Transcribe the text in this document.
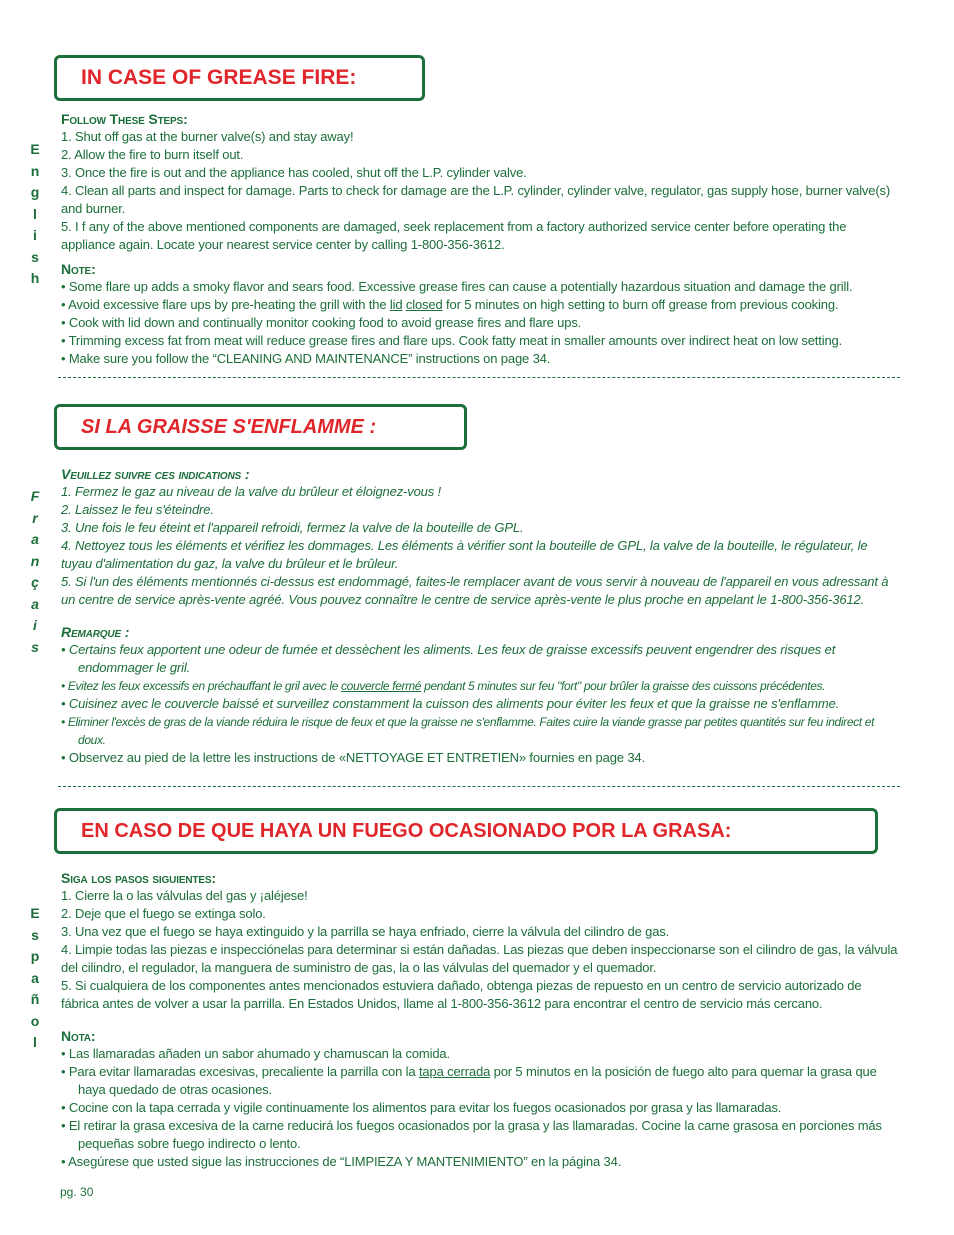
IN CASE OF GREASE FIRE:
E
n
g
l
i
s
h

Follow These Steps:

1. Shut off gas at the burner valve(s) and stay away!

2. Allow the fire to burn itself out.

3. Once the fire is out and the appliance has cooled, shut off the L.P. cylinder valve.

4. Clean all parts and inspect for damage. Parts to check for damage are the L.P. cylinder, cylinder valve, regulator, gas supply hose, burner valve(s) and burner.

5. I f any of the above mentioned components are damaged, seek replacement from a factory authorized service center before operating the appliance again. Locate your nearest service center by calling 1-800-356-3612.

Note:

• Some flare up adds a smoky flavor and sears food. Excessive grease fires can cause a potentially hazardous situation and damage the grill.

• Avoid excessive flare ups by pre-heating the grill with the lid closed for 5 minutes on high setting to burn off grease from previous cooking.

• Cook with lid down and continually monitor cooking food to avoid grease fires and flare ups.

• Trimming excess fat from meat will reduce grease fires and flare ups. Cook fatty meat in smaller amounts over indirect heat on low setting.

• Make sure you follow the “CLEANING AND MAINTENANCE” instructions on page 34.

SI LA GRAISSE S'ENFLAMME :
F
r
a
n
ç
a
i
s

Veuillez suivre ces indications :

1. Fermez le gaz au niveau de la valve du brûleur et éloignez-vous !

2. Laissez le feu s'éteindre.

3. Une fois le feu éteint et l'appareil refroidi, fermez la valve de la bouteille de GPL.

4. Nettoyez tous les éléments et vérifiez les dommages. Les éléments à vérifier sont la bouteille de GPL, la valve de la bouteille, le régulateur, le tuyau d'alimentation du gaz, la valve du brûleur et le brûleur.

5. Si l'un des éléments mentionnés ci-dessus est endommagé, faites-le remplacer avant de vous servir à nouveau de l'appareil en vous adressant à un centre de service après-vente agréé. Vous pouvez connaître le centre de service après-vente le plus proche en appelant le 1-800-356-3612.

Remarque :

• Certains feux apportent une odeur de fumée et dessèchent les aliments. Les feux de graisse excessifs peuvent engendrer des risques et endommager le gril.

• Evitez les feux excessifs en préchauffant le gril avec le couvercle fermé pendant 5 minutes sur feu "fort" pour brûler la graisse des cuissons précédentes.

• Cuisinez avec le couvercle baissé et surveillez constamment la cuisson des aliments pour éviter les feux et que la graisse ne s'enflamme.

• Eliminer l'excès de gras de la viande réduira le risque de feux et que la graisse ne s'enflamme. Faites cuire la viande grasse par petites quantités sur feu indirect et doux.

• Observez au pied de la lettre les instructions de «NETTOYAGE ET ENTRETIEN» fournies en page 34.

EN CASO DE QUE HAYA UN FUEGO OCASIONADO POR LA GRASA:
E
s
p
a
ñ
o
l

Siga los pasos siguientes:

1. Cierre la o las válvulas del gas y ¡aléjese!

2. Deje que el fuego se extinga solo.

3. Una vez que el fuego se haya extinguido y la parrilla se haya enfriado, cierre la válvula del cilindro de gas.

4. Limpie todas las piezas e inspecciónelas para determinar si están dañadas. Las piezas que deben inspeccionarse son el cilindro de gas, la válvula del cilindro, el regulador, la manguera de suministro de gas, la o las válvulas del quemador y el quemador.

5. Si cualquiera de los componentes antes mencionados estuviera dañado, obtenga piezas de repuesto en un centro de servicio autorizado de fábrica antes de volver a usar la parrilla. En Estados Unidos, llame al 1-800-356-3612 para encontrar el centro de servicio más cercano.

Nota:

• Las llamaradas añaden un sabor ahumado y chamuscan la comida.

• Para evitar llamaradas excesivas, precaliente la parrilla con la tapa cerrada por 5 minutos en la posición de fuego alto para quemar la grasa que haya quedado de otras ocasiones.

• Cocine con la tapa cerrada y vigile continuamente los alimentos para evitar los fuegos ocasionados por grasa y las llamaradas.

• El retirar la grasa excesiva de la carne reducirá los fuegos ocasionados por la grasa y las llamaradas. Cocine la carne grasosa en porciones más pequeñas sobre fuego indirecto o lento.

• Asegúrese que usted sigue las instrucciones de “LIMPIEZA Y MANTENIMIENTO” en la página 34.

pg. 30
